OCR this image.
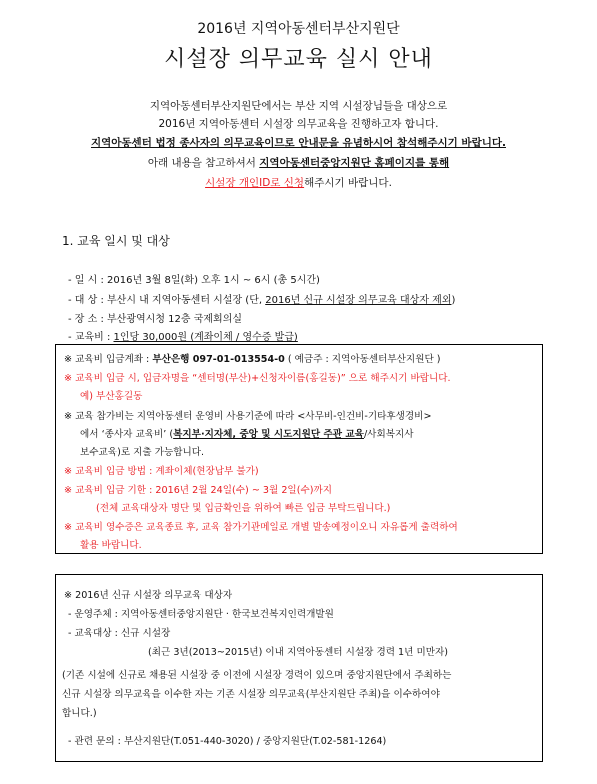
2016년 지역아동센터부산지원단
시설장 의무교육 실시 안내
지역아동센터부산지원단에서는 부산 지역 시설장님들을 대상으로
2016년 지역아동센터 시설장 의무교육을 진행하고자 합니다.
지역아동센터 법정 종사자의 의무교육이므로 안내문을 유념하시어 참석해주시기 바랍니다.
아래 내용을 참고하셔서 지역아동센터중앙지원단 홈페이지를 통해
시설장 개인ID로 신청해주시기 바랍니다.
1. 교육 일시 및 대상
- 일 시 : 2016년 3월 8일(화) 오후 1시 ~ 6시 (총 5시간)
- 대 상 : 부산시 내 지역아동센터 시설장 (단, 2016년 신규 시설장 의무교육 대상자 제외)
- 장 소 : 부산광역시청 12층 국제회의실
- 교육비 : 1인당 30,000원 (계좌이체 / 영수증 발급)
※ 교육비 입금계좌 : 부산은행 097-01-013554-0 ( 예금주 : 지역아동센터부산지원단 )
※ 교육비 입금 시, 입금자명을 “센터명(부산)+신청자이름(홍길동)” 으로 해주시기 바랍니다.
예) 부산홍길동
※ 교육 참가비는 지역아동센터 운영비 사용기준에 따라 <사무비-인건비-기타후생경비>
에서 ‘종사자 교육비’ (복지부·지자체, 중앙 및 시도지원단 주관 교육/사회복지사
보수교육)로 지출 가능합니다.
※ 교육비 입금 방법 : 계좌이체(현장납부 불가)
※ 교육비 입금 기한 : 2016년 2월 24일(수) ~ 3월 2일(수)까지
(전체 교육대상자 명단 및 입금확인을 위하여 빠른 입금 부탁드립니다.)
※ 교육비 영수증은 교육종료 후, 교육 참가기관메일로 개별 발송예정이오니 자유롭게 출력하여
활용 바랍니다.
※ 2016년 신규 시설장 의무교육 대상자
- 운영주체 : 지역아동센터중앙지원단 · 한국보건복지인력개발원
- 교육대상 : 신규 시설장
(최근 3년(2013~2015년) 이내 지역아동센터 시설장 경력 1년 미만자)
(기존 시설에 신규로 채용된 시설장 중 이전에 시설장 경력이 있으며 중앙지원단에서 주최하는
신규 시설장 의무교육을 이수한 자는 기존 시설장 의무교육(부산지원단 주최)을 이수하여야
합니다.)
- 관련 문의 : 부산지원단(T.051-440-3020) / 중앙지원단(T.02-581-1264)
